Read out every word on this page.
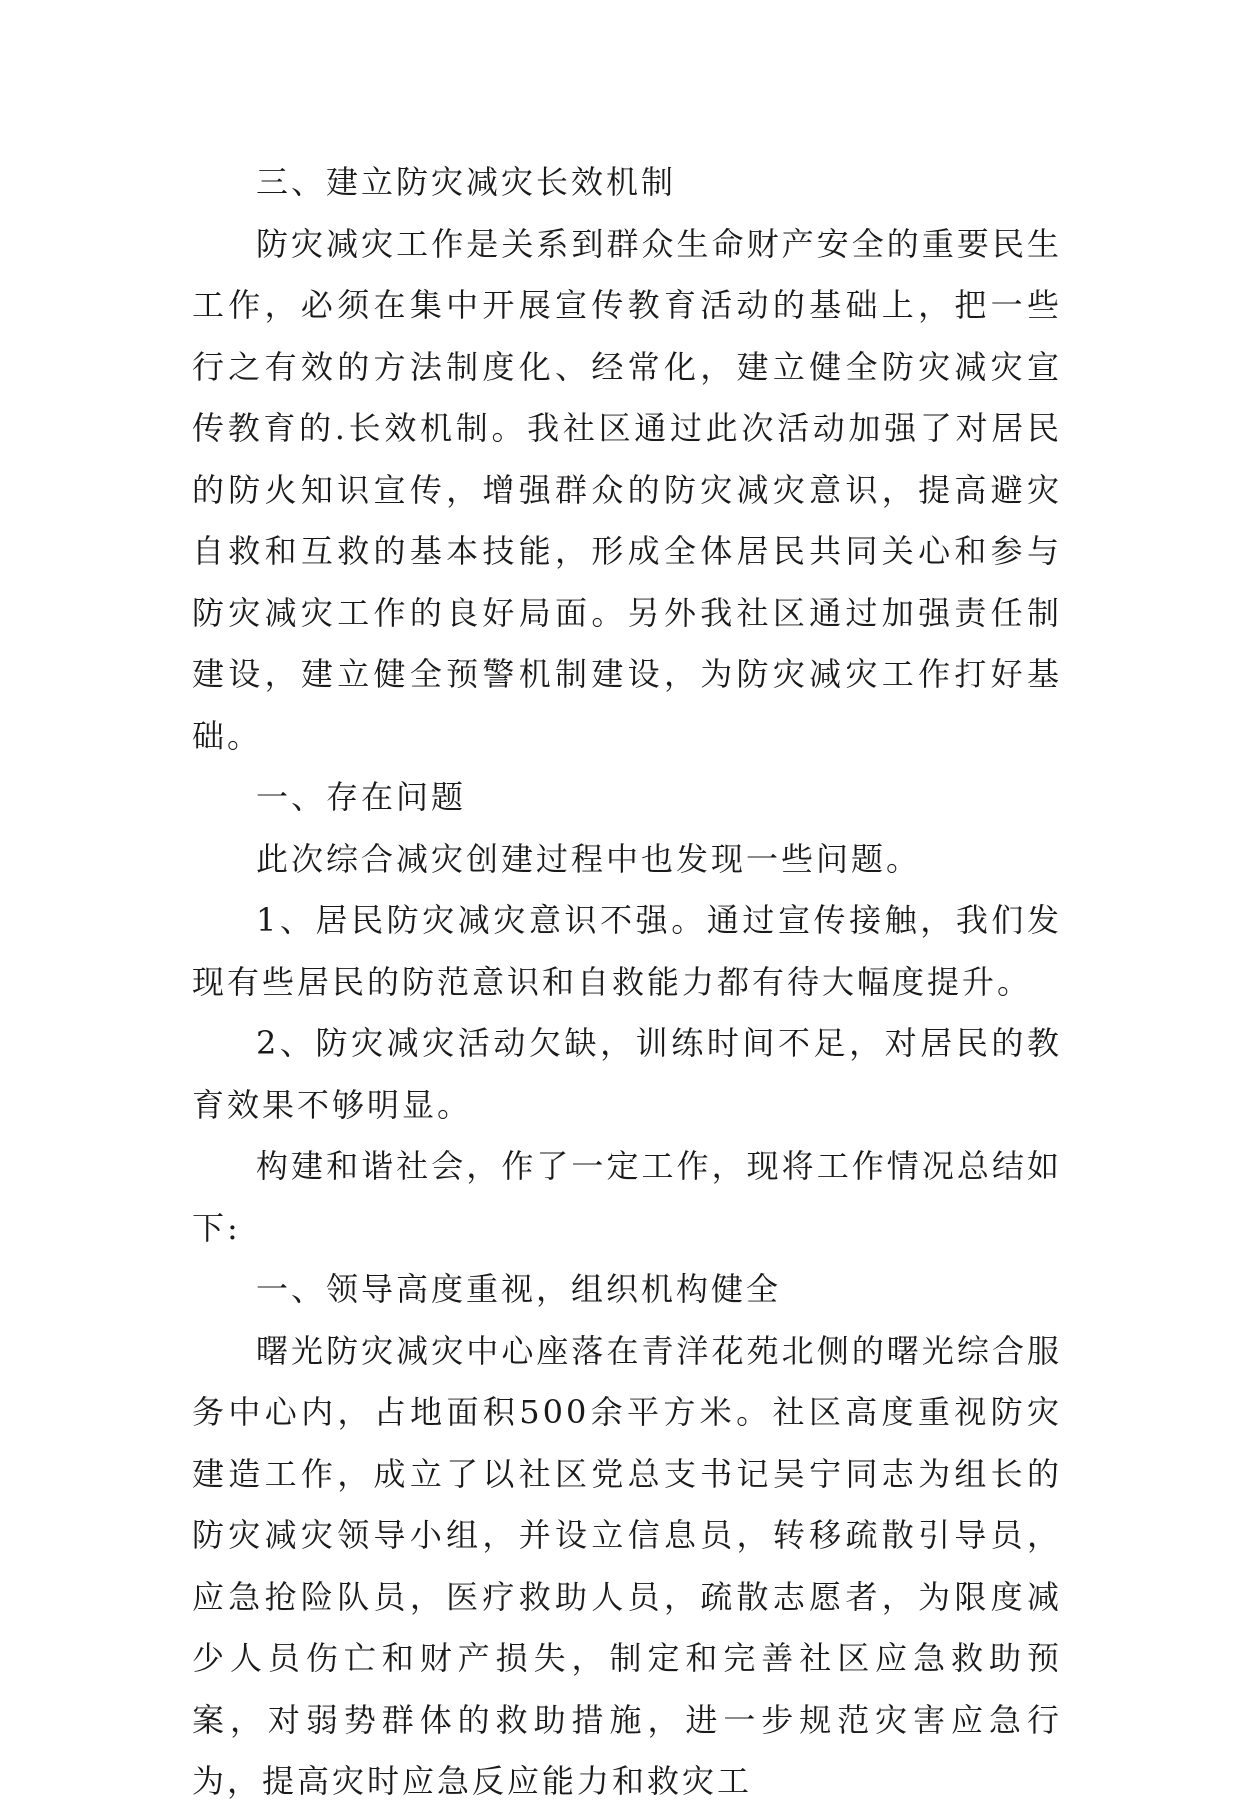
三、建立防灾减灾长效机制

防灾减灾工作是关系到群众生命财产安全的重要民生工作，必须在集中开展宣传教育活动的基础上，把一些行之有效的方法制度化、经常化，建立健全防灾减灾宣传教育的.长效机制。我社区通过此次活动加强了对居民的防火知识宣传，增强群众的防灾减灾意识，提高避灾自救和互救的基本技能，形成全体居民共同关心和参与防灾减灾工作的良好局面。另外我社区通过加强责任制建设，建立健全预警机制建设，为防灾减灾工作打好基础。

一、存在问题

此次综合减灾创建过程中也发现一些问题。

1、居民防灾减灾意识不强。通过宣传接触，我们发现有些居民的防范意识和自救能力都有待大幅度提升。

2、防灾减灾活动欠缺，训练时间不足，对居民的教育效果不够明显。

构建和谐社会，作了一定工作，现将工作情况总结如下:

一、领导高度重视，组织机构健全

曙光防灾减灾中心座落在青洋花苑北侧的曙光综合服务中心内，占地面积500余平方米。社区高度重视防灾建造工作，成立了以社区党总支书记吴宁同志为组长的防灾减灾领导小组，并设立信息员，转移疏散引导员，应急抢险队员，医疗救助人员，疏散志愿者，为限度减少人员伤亡和财产损失，制定和完善社区应急救助预案，对弱势群体的救助措施，进一步规范灾害应急行为，提高灾时应急反应能力和救灾工
